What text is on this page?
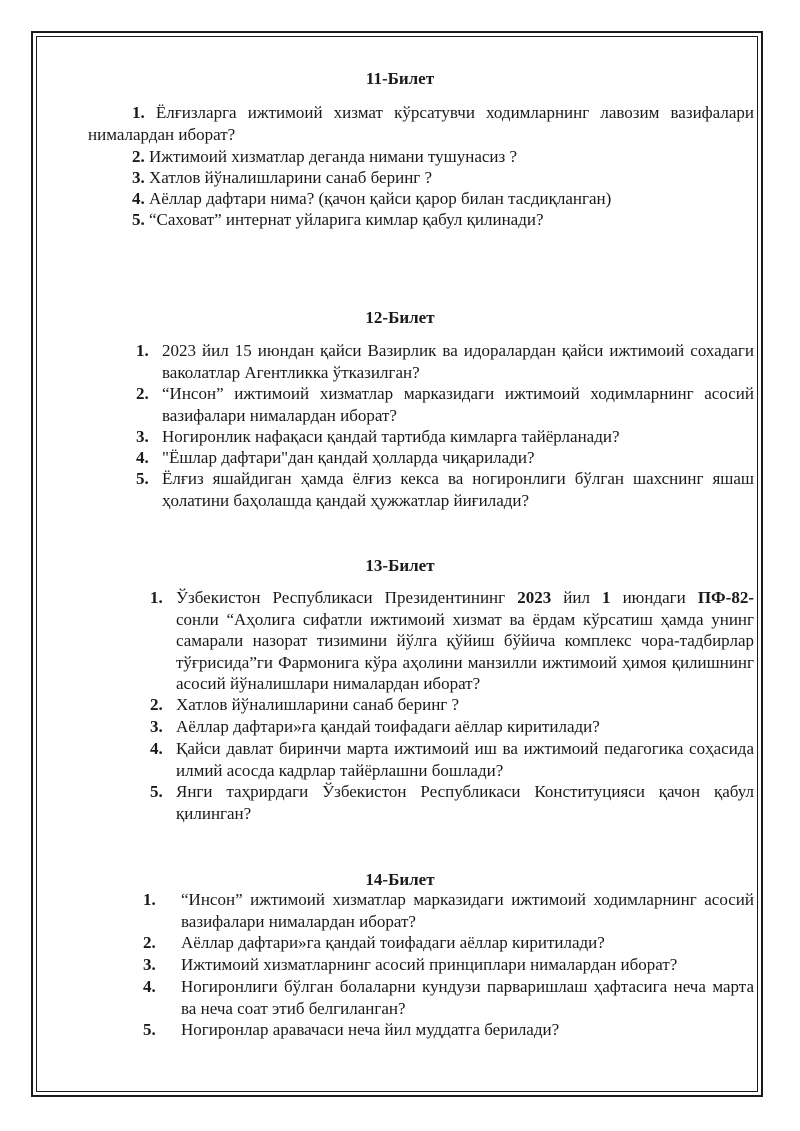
11-Билет
1. Ёлғизларга ижтимоий хизмат кўрсатувчи ходимларнинг лавозим вазифалари нималардан иборат?
2. Ижтимоий хизматлар деганда нимани тушунасиз ?
3. Хатлов йўналишларини санаб беринг ?
4. Аёллар дафтари нима? (қачон қайси қарор билан тасдиқланган)
5. “Саховат” интернат уйларига кимлар қабул қилинади?
12-Билет
1. 2023 йил 15 июндан қайси Вазирлик ва идоралардан қайси ижтимоий сохадаги ваколатлар Агентликка ўтказилган?
2. “Инсон” ижтимоий хизматлар марказидаги ижтимоий ходимларнинг асосий вазифалари нималардан иборат?
3. Ногиронлик нафақаси қандай тартибда кимларга тайёрланади?
4. "Ёшлар дафтари"дан қандай ҳолларда чиқарилади?
5. Ёлғиз яшайдиган ҳамда ёлғиз кекса ва ногиронлиги бўлган шахснинг яшаш ҳолатини баҳолашда қандай ҳужжатлар йиғилади?
13-Билет
1. Ўзбекистон Республикаси Президентининг 2023 йил 1 июндаги ПФ-82-
сонли “Аҳолига сифатли ижтимоий хизмат ва ёрдам кўрсатиш ҳамда унинг самарали назорат тизимини йўлга қўйиш бўйича комплекс чора-тадбирлар тўғрисида”ги Фармонига кўра аҳолини манзилли ижтимоий ҳимоя қилишнинг асосий йўналишлари нималардан иборат?
2. Хатлов йўналишларини санаб беринг ?
3. Аёллар дафтари»га қандай тоифадаги аёллар киритилади?
4. Қайси давлат биринчи марта ижтимоий иш ва ижтимоий педагогика соҳасида илмий асосда кадрлар тайёрлашни бошлади?
5. Янги таҳрирдаги Ўзбекистон Республикаси Конституцияси қачон қабул қилинган?
14-Билет
1. “Инсон” ижтимоий хизматлар марказидаги ижтимоий ходимларнинг асосий вазифалари нималардан иборат?
2. Аёллар дафтари»га қандай тоифадаги аёллар киритилади?
3. Ижтимоий хизматларнинг асосий принциплари нималардан иборат?
4. Ногиронлиги бўлган болаларни кундузи парваришлаш ҳафтасига неча марта ва неча соат этиб белгиланган?
5. Ногиронлар аравачаси неча йил муддатга берилади?
